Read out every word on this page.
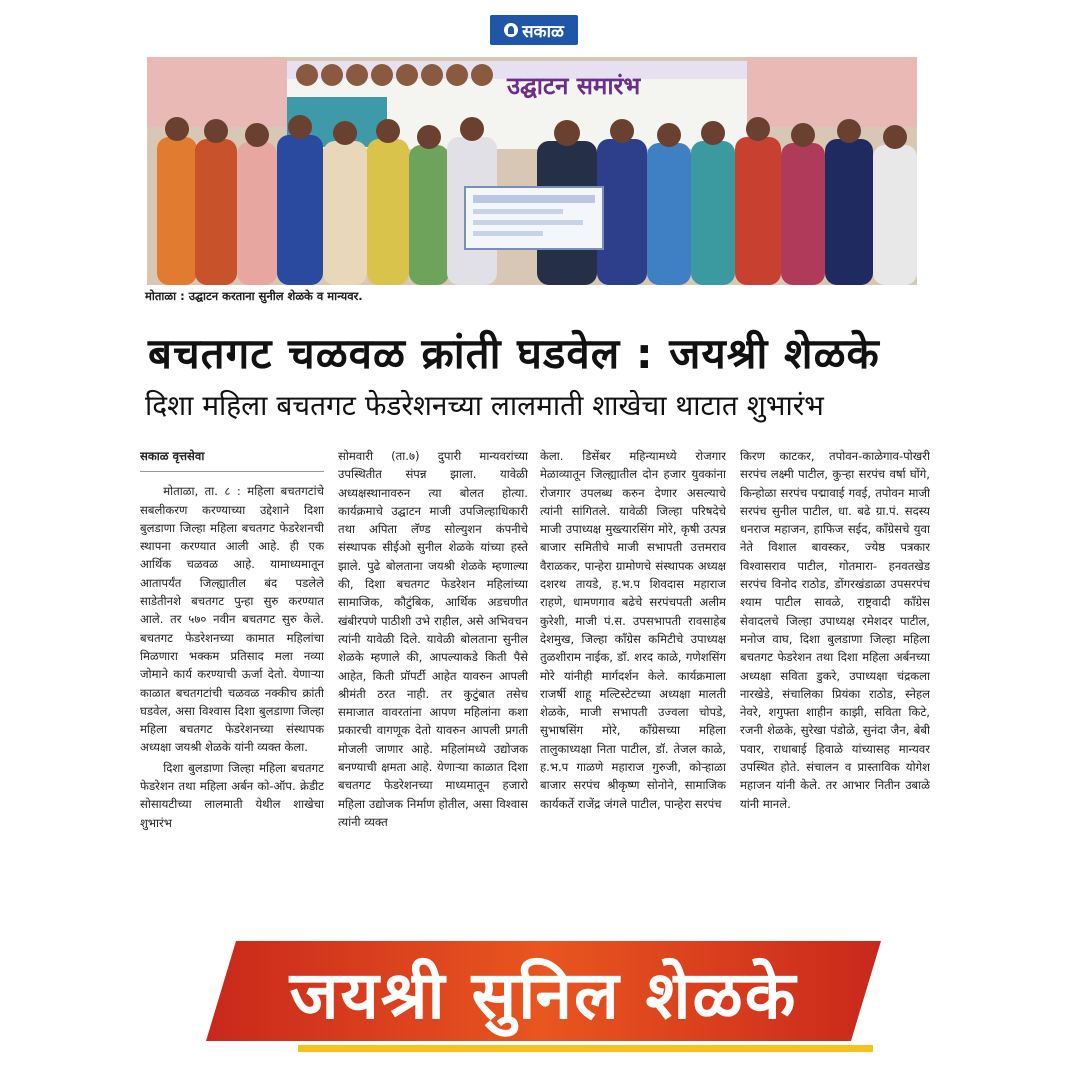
सकाळ
उद्घाटन समारंभ
मोताळा : उद्घाटन करताना सुनील शेळके व मान्यवर.
बचतगट चळवळ क्रांती घडवेल : जयश्री शेळके
दिशा महिला बचतगट फेडरेशनच्या लालमाती शाखेचा थाटात शुभारंभ
सकाळ वृत्तसेवा

मोताळा, ता. ८ : महिला बचतगटांचे सबलीकरण करण्याच्या उद्देशाने दिशा बुलडाणा जिल्हा महिला बचतगट फेडरेशनची स्थापना करण्यात आली आहे. ही एक आर्थिक चळवळ आहे. यामाध्यमातून आतापर्यंत जिल्ह्यातील बंद पडलेले साडेतीनशे बचतगट पुन्हा सुरु करण्यात आले. तर ५७० नवीन बचतगट सुरु केले. बचतगट फेडरेशनच्या कामात महिलांचा मिळणारा भक्कम प्रतिसाद मला नव्या जोमाने कार्य करण्याची ऊर्जा देतो. येणाऱ्या काळात बचतगटांची चळवळ नक्कीच क्रांती घडवेल, असा विश्वास दिशा बुलडाणा जिल्हा महिला बचतगट फेडरेशनच्या संस्थापक अध्यक्षा जयश्री शेळके यांनी व्यक्त केला.

दिशा बुलडाणा जिल्हा महिला बचतगट फेडरेशन तथा महिला अर्बन को-ऑप. क्रेडीट सोसायटीच्या लालमाती येथील शाखेचा शुभारंभ

सोमवारी (ता.७) दुपारी मान्यवरांच्या उपस्थितीत संपन्न झाला. यावेळी अध्यक्षस्थानावरुन त्या बोलत होत्या. कार्यक्रमाचे उद्घाटन माजी उपजिल्हाधिकारी तथा अपिता लॅण्ड सोल्युशन कंपनीचे संस्थापक सीईओ सुनील शेळके यांच्या हस्ते झाले. पुढे बोलताना जयश्री शेळके म्हणाल्या की, दिशा बचतगट फेडरेशन महिलांच्या सामाजिक, कौटुंबिक, आर्थिक अडचणीत खंबीरपणे पाठीशी उभे राहील, असे अभिवचन त्यांनी यावेळी दिले. यावेळी बोलताना सुनील शेळके म्हणाले की, आपल्याकडे किती पैसे आहेत, किती प्रॉपर्टी आहेत यावरुन आपली श्रीमंती ठरत नाही. तर कुटुंबात तसेच समाजात वावरतांना आपण महिलांना कशा प्रकारची वागणूक देतो यावरुन आपली प्रगती मोजली जाणार आहे. महिलांमध्ये उद्योजक बनण्याची क्षमता आहे. येणाऱ्या काळात दिशा बचतगट फेडरेशनच्या माध्यमातून हजारो महिला उद्योजक निर्माण होतील, असा विश्वास त्यांनी व्यक्त

केला. डिसेंबर महिन्यामध्ये रोजगार मेळाव्यातून जिल्ह्यातील दोन हजार युवकांना रोजगार उपलब्ध करुन देणार असल्याचे त्यांनी सांगितले. यावेळी जिल्हा परिषदेचे माजी उपाध्यक्ष मुख्त्यारसिंग मोरे, कृषी उत्पन्न बाजार समितीचे माजी सभापती उत्तमराव वैराळकर, पान्हेरा ग्रामोणचे संस्थापक अध्यक्ष दशरथ तायडे, ह.भ.प शिवदास महाराज राहणे, धामणगाव बढेचे सरपंचपती अलीम कुरेशी, माजी पं.स. उपसभापती रावसाहेब देशमुख, जिल्हा काँग्रेस कमिटीचे उपाध्यक्ष तुळशीराम नाईक, डॉ. शरद काळे, गणेशसिंग मोरे यांनीही मार्गदर्शन केले. कार्यक्रमाला राजर्षी शाहू मल्टिस्टेटच्या अध्यक्षा मालती शेळके, माजी सभापती उज्वला चोपडे, सुभाषसिंग मोरे, काँग्रेसच्या महिला तालुकाध्यक्षा निता पाटील, डॉ. तेजल काळे, ह.भ.प गाळणे महाराज गुरुजी, कोऱ्हाळा बाजार सरपंच श्रीकृष्ण सोनोने, सामाजिक कार्यकर्ते राजेंद्र जंगले पाटील, पान्हेरा सरपंच

किरण काटकर, तपोवन-काळेगाव-पोखरी सरपंच लक्ष्मी पाटील, कुऱ्हा सरपंच वर्षा घोंगे, किन्होळा सरपंच पद्मावाई गवई, तपोवन माजी सरपंच सुनील पाटील, धा. बढे ग्रा.पं. सदस्य धनराज महाजन, हाफिज सईद, काँग्रेसचे युवा नेते विशाल बावस्कर, ज्येष्ठ पत्रकार विश्वासराव पाटील, गोतमारा- हनवतखेड सरपंच विनोद राठोड, डोंगरखंडाळा उपसरपंच श्याम पाटील सावळे, राष्ट्रवादी काँग्रेस सेवादलचे जिल्हा उपाध्यक्ष रमेशदर पाटील, मनोज वाघ, दिशा बुलडाणा जिल्हा महिला बचतगट फेडरेशन तथा दिशा महिला अर्बनच्या अध्यक्षा सविता डुकरे, उपाध्यक्षा चंद्रकला नारखेडे, संचालिका प्रियंका राठोड, स्नेहल नेवरे, शगुफ्ता शाहीन काझी, सविता किटे, रजनी शेळके, सुरेखा पंडोळे, सुनंदा जैन, बेबी पवार, राधाबाई हिवाळे यांच्यासह मान्यवर उपस्थित होते. संचालन व प्रास्ताविक योगेश महाजन यांनी केले. तर आभार नितीन उबाळे यांनी मानले.

जयश्री सुनिल शेळके
